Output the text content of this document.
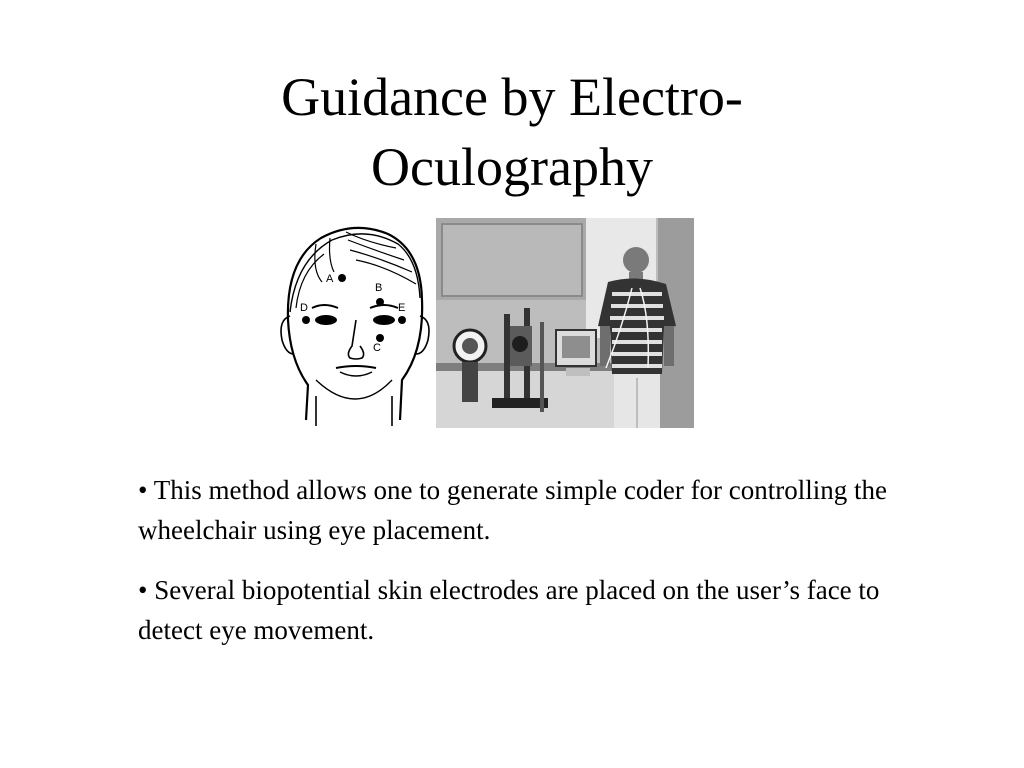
Guidance by Electro-
Oculography
A
B
C
D	E

• This method allows one to generate simple coder for controlling the wheelchair using eye placement.

• Several biopotential skin electrodes are placed on the user’s face to detect eye movement.
